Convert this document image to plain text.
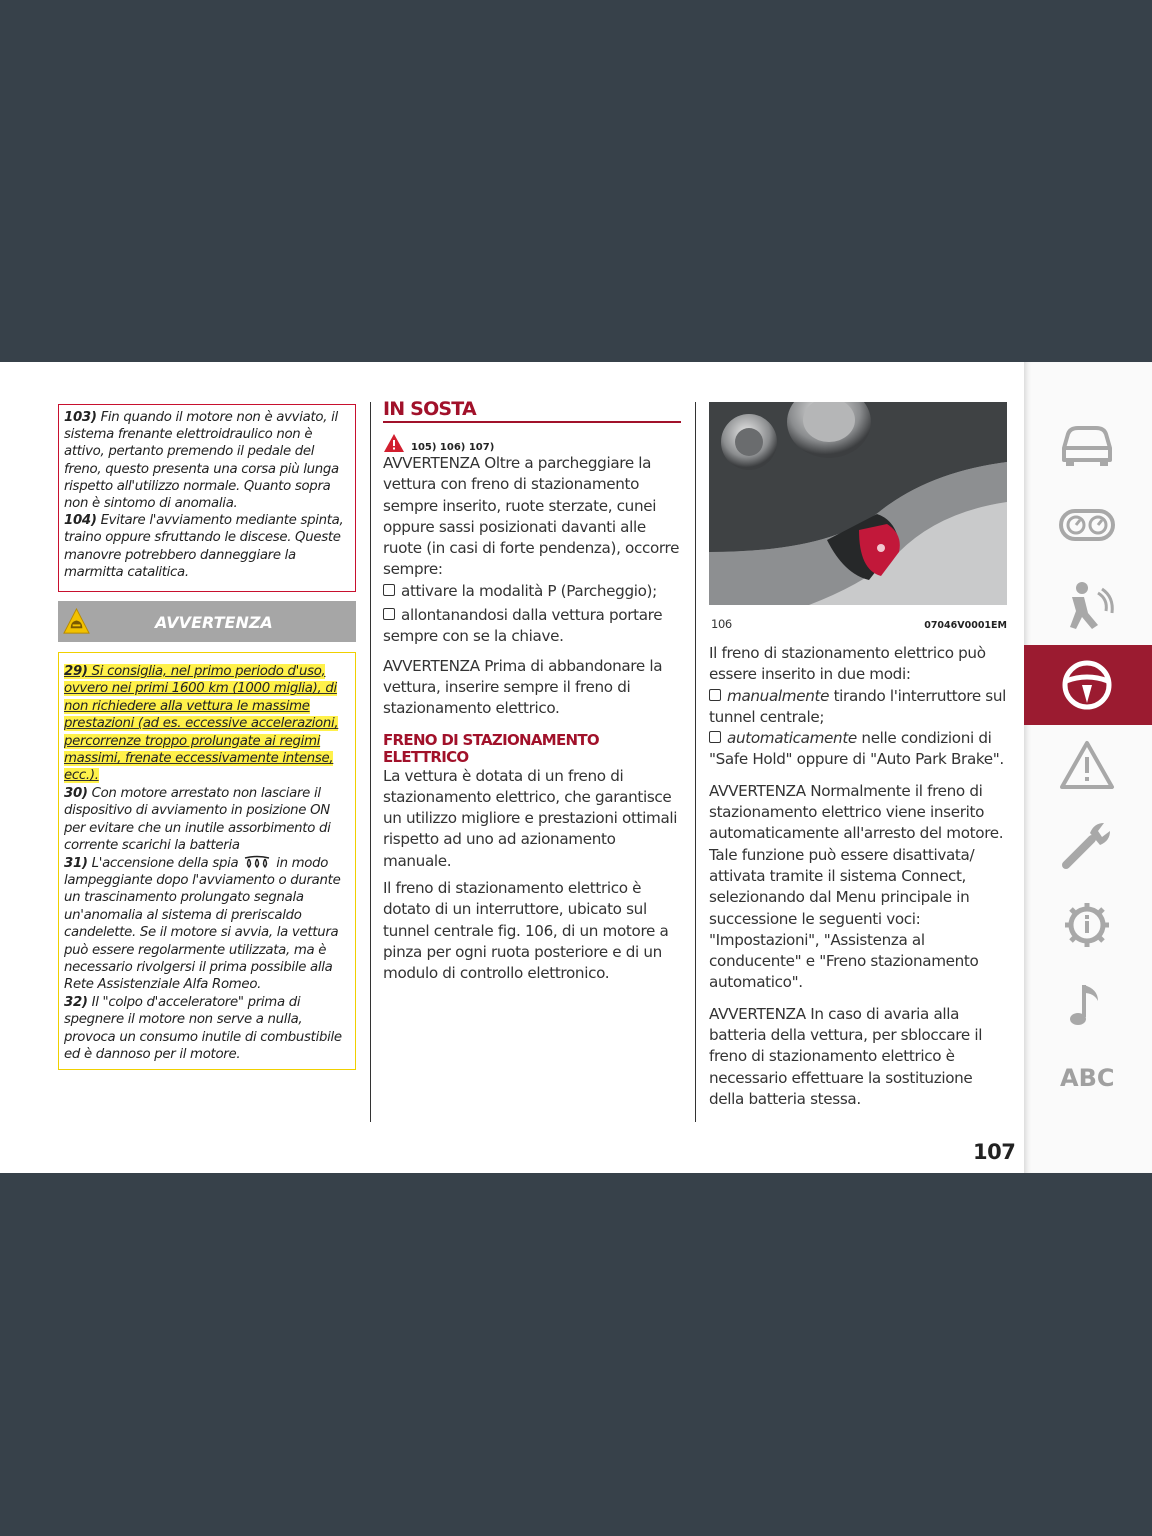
103) Fin quando il motore non è avviato, il sistema frenante elettroidraulico non è attivo, pertanto premendo il pedale del freno, questo presenta una corsa più lunga rispetto all'utilizzo normale. Quanto sopra non è sintomo di anomalia.
104) Evitare l'avviamento mediante spinta, traino oppure sfruttando le discese. Queste manovre potrebbero danneggiare la marmitta catalitica.
AVVERTENZA
29) Si consiglia, nel primo periodo d'uso, ovvero nei primi 1600 km (1000 miglia), di non richiedere alla vettura le massime prestazioni (ad es. eccessive accelerazioni, percorrenze troppo prolungate ai regimi massimi, frenate eccessivamente intense, ecc.).
30) Con motore arrestato non lasciare il dispositivo di avviamento in posizione ON per evitare che un inutile assorbimento di corrente scarichi la batteria
31) L'accensione della spia  in modo lampeggiante dopo l'avviamento o durante un trascinamento prolungato segnala un'anomalia al sistema di preriscaldo candelette. Se il motore si avvia, la vettura può essere regolarmente utilizzata, ma è necessario rivolgersi il prima possibile alla Rete Assistenziale Alfa Romeo.
32) Il "colpo d'acceleratore" prima di spegnere il motore non serve a nulla, provoca un consumo inutile di combustibile ed è dannoso per il motore.
IN SOSTA
105) 106) 107)

AVVERTENZA Oltre a parcheggiare la vettura con freno di stazionamento sempre inserito, ruote sterzate, cunei oppure sassi posizionati davanti alle ruote (in casi di forte pendenza), occorre sempre:

attivare la modalità P (Parcheggio);

allontanandosi dalla vettura portare sempre con se la chiave.

AVVERTENZA Prima di abbandonare la vettura, inserire sempre il freno di stazionamento elettrico.

FRENO DI STAZIONAMENTO ELETTRICO

La vettura è dotata di un freno di stazionamento elettrico, che garantisce un utilizzo migliore e prestazioni ottimali rispetto ad uno ad azionamento manuale.

Il freno di stazionamento elettrico è dotato di un interruttore, ubicato sul tunnel centrale fig. 106, di un motore a pinza per ogni ruota posteriore e di un modulo di controllo elettronico.

106	07046V0001EM

Il freno di stazionamento elettrico può essere inserito in due modi:

manualmente tirando l'interruttore sul tunnel centrale;

automaticamente nelle condizioni di "Safe Hold" oppure di "Auto Park Brake".

AVVERTENZA Normalmente il freno di stazionamento elettrico viene inserito automaticamente all'arresto del motore. Tale funzione può essere disattivata/ attivata tramite il sistema Connect, selezionando dal Menu principale in successione le seguenti voci: "Impostazioni", "Assistenza al conducente" e "Freno stazionamento automatico".

AVVERTENZA In caso di avaria alla batteria della vettura, per sbloccare il freno di stazionamento elettrico è necessario effettuare la sostituzione della batteria stessa.

107
ABC
